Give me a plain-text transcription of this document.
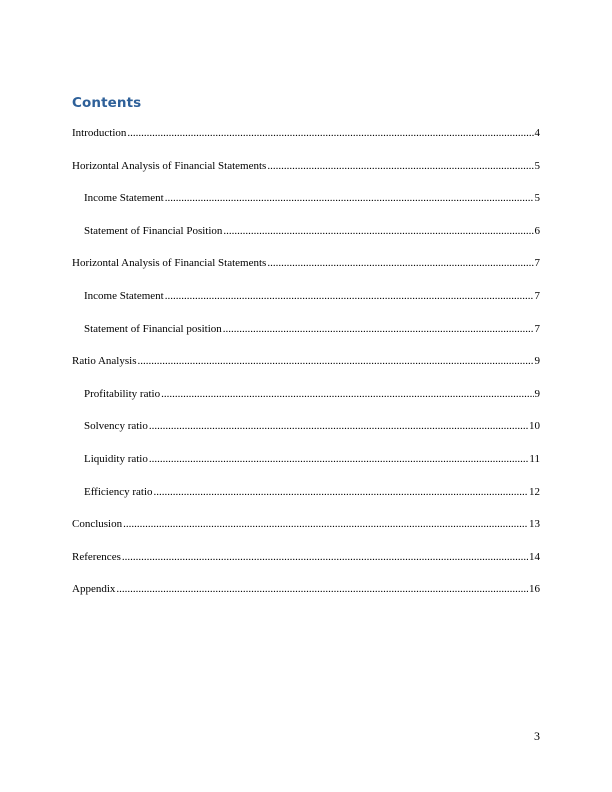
Contents
Introduction .....	4
Horizontal Analysis of Financial Statements .....	5
Income Statement .....	5
Statement of Financial Position .....	6
Horizontal Analysis of Financial Statements .....	7
Income Statement .....	7
Statement of Financial position .....	7
Ratio Analysis .....	9
Profitability ratio .....	9
Solvency ratio .....	10
Liquidity ratio .....	11
Efficiency ratio .....	12
Conclusion .....	13
References .....	14
Appendix .....	16
3
